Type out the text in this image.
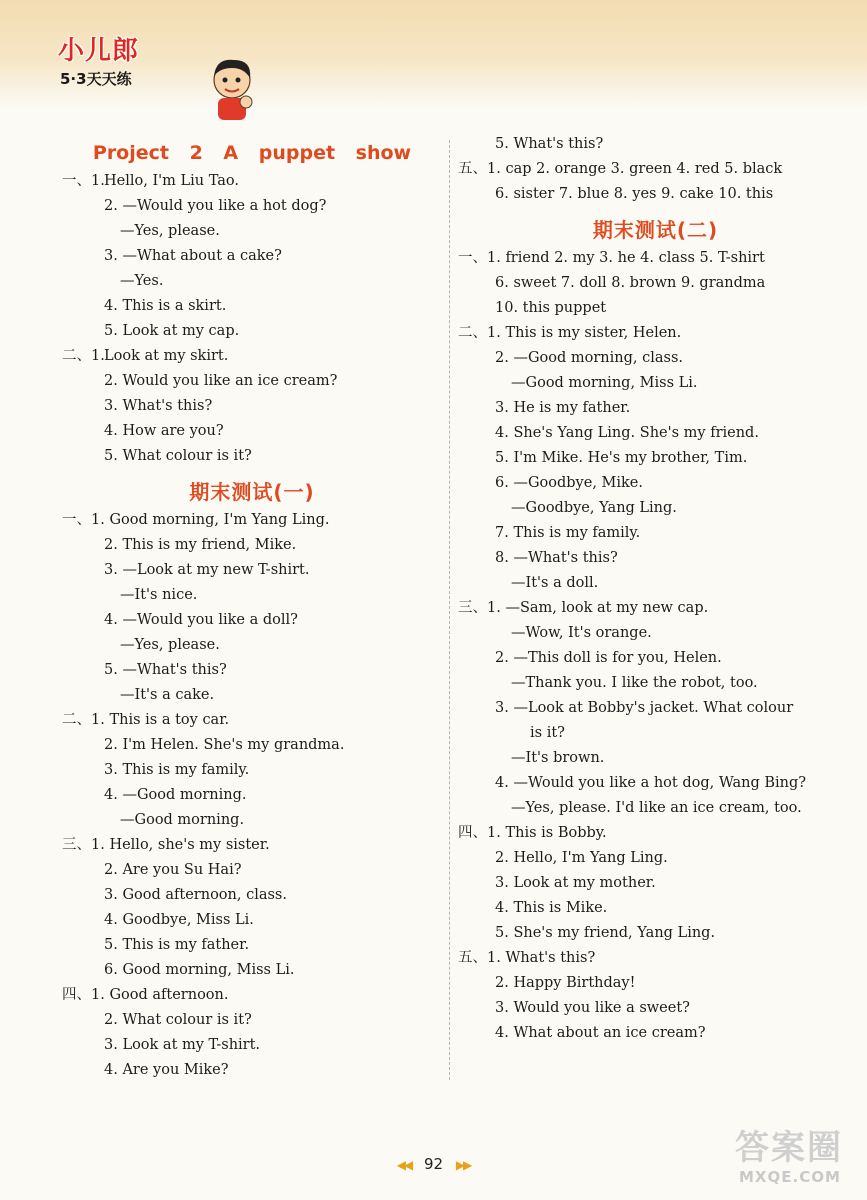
小儿郎
5·3天天练
Project 2 A puppet show
一、1. Hello, I'm Liu Tao.
2. —Would you like a hot dog?
—Yes, please.
3. —What about a cake?
—Yes.
4. This is a skirt.
5. Look at my cap.
二、1. Look at my skirt.
2. Would you like an ice cream?
3. What's this?
4. How are you?
5. What colour is it?
期末测试(一)
一、1. Good morning, I'm Yang Ling.
2. This is my friend, Mike.
3. —Look at my new T-shirt.
—It's nice.
4. —Would you like a doll?
—Yes, please.
5. —What's this?
—It's a cake.
二、1. This is a toy car.
2. I'm Helen. She's my grandma.
3. This is my family.
4. —Good morning.
—Good morning.
三、1. Hello, she's my sister.
2. Are you Su Hai?
3. Good afternoon, class.
4. Goodbye, Miss Li.
5. This is my father.
6. Good morning, Miss Li.
四、1. Good afternoon.
2. What colour is it?
3. Look at my T-shirt.
4. Are you Mike?
5. What's this?
五、1. cap 2. orange 3. green 4. red 5. black
6. sister 7. blue 8. yes 9. cake 10. this
期末测试(二)
一、1. friend 2. my 3. he 4. class 5. T-shirt
6. sweet 7. doll 8. brown 9. grandma
10. this puppet
二、1. This is my sister, Helen.
2. —Good morning, class.
—Good morning, Miss Li.
3. He is my father.
4. She's Yang Ling. She's my friend.
5. I'm Mike. He's my brother, Tim.
6. —Goodbye, Mike.
—Goodbye, Yang Ling.
7. This is my family.
8. —What's this?
—It's a doll.
三、1. —Sam, look at my new cap.
—Wow, It's orange.
2. —This doll is for you, Helen.
—Thank you. I like the robot, too.
3. —Look at Bobby's jacket. What colour
is it?
—It's brown.
4. —Would you like a hot dog, Wang Bing?
—Yes, please. I'd like an ice cream, too.
四、1. This is Bobby.
2. Hello, I'm Yang Ling.
3. Look at my mother.
4. This is Mike.
5. She's my friend, Yang Ling.
五、1. What's this?
2. Happy Birthday!
3. Would you like a sweet?
4. What about an ice cream?
◀◀ 92 ▶▶	答案圈
MXQE.COM
